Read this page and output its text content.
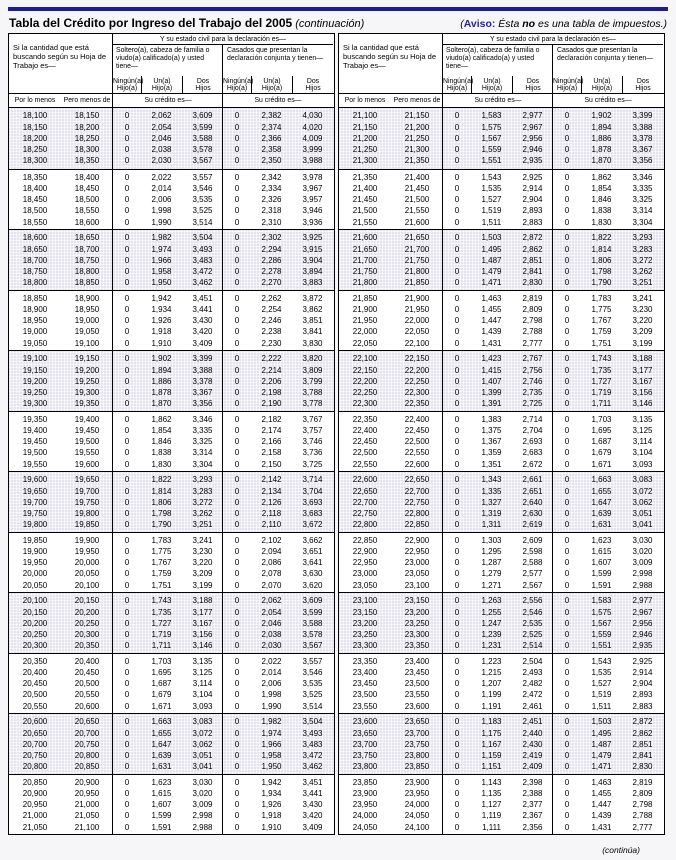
Tabla del Crédito por Ingreso del Trabajo del 2005 (continuación)	(Aviso: Ésta no es una tabla de impuestos.)
Si la cantidad que está buscando según su Hoja de Trabajo es—
Y su estado civil para la declaración es—
Soltero(a), cabeza de familia o viudo(a) calificado(a) y usted tiene—
Casados que presentan la declaración conjunta y tienen—
Ningún(a)
Hijo(a)
Un(a)
Hijo(a)
Dos
Hijos
Ningún(a)
Hijo(a)
Un(a)
Hijo(a)
Dos
Hijos
Por lo menos	Pero menos de	Su crédito es—	Su crédito es—
18,100	18,150	0	2,062	3,609	0	2,382	4,030
18,150	18,200	0	2,054	3,599	0	2,374	4,020
18,200	18,250	0	2,046	3,588	0	2,366	4,009
18,250	18,300	0	2,038	3,578	0	2,358	3,999
18,300	18,350	0	2,030	3,567	0	2,350	3,988
18,350	18,400	0	2,022	3,557	0	2,342	3,978
18,400	18,450	0	2,014	3,546	0	2,334	3,967
18,450	18,500	0	2,006	3,535	0	2,326	3,957
18,500	18,550	0	1,998	3,525	0	2,318	3,946
18,550	18,600	0	1,990	3,514	0	2,310	3,936
18,600	18,650	0	1,982	3,504	0	2,302	3,925
18,650	18,700	0	1,974	3,493	0	2,294	3,915
18,700	18,750	0	1,966	3,483	0	2,286	3,904
18,750	18,800	0	1,958	3,472	0	2,278	3,894
18,800	18,850	0	1,950	3,462	0	2,270	3,883
18,850	18,900	0	1,942	3,451	0	2,262	3,872
18,900	18,950	0	1,934	3,441	0	2,254	3,862
18,950	19,000	0	1,926	3,430	0	2,246	3,851
19,000	19,050	0	1,918	3,420	0	2,238	3,841
19,050	19,100	0	1,910	3,409	0	2,230	3,830
19,100	19,150	0	1,902	3,399	0	2,222	3,820
19,150	19,200	0	1,894	3,388	0	2,214	3,809
19,200	19,250	0	1,886	3,378	0	2,206	3,799
19,250	19,300	0	1,878	3,367	0	2,198	3,788
19,300	19,350	0	1,870	3,356	0	2,190	3,778
19,350	19,400	0	1,862	3,346	0	2,182	3,767
19,400	19,450	0	1,854	3,335	0	2,174	3,757
19,450	19,500	0	1,846	3,325	0	2,166	3,746
19,500	19,550	0	1,838	3,314	0	2,158	3,736
19,550	19,600	0	1,830	3,304	0	2,150	3,725
19,600	19,650	0	1,822	3,293	0	2,142	3,714
19,650	19,700	0	1,814	3,283	0	2,134	3,704
19,700	19,750	0	1,806	3,272	0	2,126	3,693
19,750	19,800	0	1,798	3,262	0	2,118	3,683
19,800	19,850	0	1,790	3,251	0	2,110	3,672
19,850	19,900	0	1,783	3,241	0	2,102	3,662
19,900	19,950	0	1,775	3,230	0	2,094	3,651
19,950	20,000	0	1,767	3,220	0	2,086	3,641
20,000	20,050	0	1,759	3,209	0	2,078	3,630
20,050	20,100	0	1,751	3,199	0	2,070	3,620
20,100	20,150	0	1,743	3,188	0	2,062	3,609
20,150	20,200	0	1,735	3,177	0	2,054	3,599
20,200	20,250	0	1,727	3,167	0	2,046	3,588
20,250	20,300	0	1,719	3,156	0	2,038	3,578
20,300	20,350	0	1,711	3,146	0	2,030	3,567
20,350	20,400	0	1,703	3,135	0	2,022	3,557
20,400	20,450	0	1,695	3,125	0	2,014	3,546
20,450	20,500	0	1,687	3,114	0	2,006	3,535
20,500	20,550	0	1,679	3,104	0	1,998	3,525
20,550	20,600	0	1,671	3,093	0	1,990	3,514
20,600	20,650	0	1,663	3,083	0	1,982	3,504
20,650	20,700	0	1,655	3,072	0	1,974	3,493
20,700	20,750	0	1,647	3,062	0	1,966	3,483
20,750	20,800	0	1,639	3,051	0	1,958	3,472
20,800	20,850	0	1,631	3,041	0	1,950	3,462
20,850	20,900	0	1,623	3,030	0	1,942	3,451
20,900	20,950	0	1,615	3,020	0	1,934	3,441
20,950	21,000	0	1,607	3,009	0	1,926	3,430
21,000	21,050	0	1,599	2,998	0	1,918	3,420
21,050	21,100	0	1,591	2,988	0	1,910	3,409
Si la cantidad que está buscando según su Hoja de Trabajo es—
Y su estado civil para la declaración es—
Soltero(a), cabeza de familia o viudo(a) calificado(a) y usted tiene—
Casados que presentan la declaración conjunta y tienen—
Ningún(a)
Hijo(a)
Un(a)
Hijo(a)
Dos
Hijos
Ningún(a)
Hijo(a)
Un(a)
Hijo(a)
Dos
Hijos
Por lo menos	Pero menos de	Su crédito es—	Su crédito es—
21,100	21,150	0	1,583	2,977	0	1,902	3,399
21,150	21,200	0	1,575	2,967	0	1,894	3,388
21,200	21,250	0	1,567	2,956	0	1,886	3,378
21,250	21,300	0	1,559	2,946	0	1,878	3,367
21,300	21,350	0	1,551	2,935	0	1,870	3,356
21,350	21,400	0	1,543	2,925	0	1,862	3,346
21,400	21,450	0	1,535	2,914	0	1,854	3,335
21,450	21,500	0	1,527	2,904	0	1,846	3,325
21,500	21,550	0	1,519	2,893	0	1,838	3,314
21,550	21,600	0	1,511	2,883	0	1,830	3,304
21,600	21,650	0	1,503	2,872	0	1,822	3,293
21,650	21,700	0	1,495	2,862	0	1,814	3,283
21,700	21,750	0	1,487	2,851	0	1,806	3,272
21,750	21,800	0	1,479	2,841	0	1,798	3,262
21,800	21,850	0	1,471	2,830	0	1,790	3,251
21,850	21,900	0	1,463	2,819	0	1,783	3,241
21,900	21,950	0	1,455	2,809	0	1,775	3,230
21,950	22,000	0	1,447	2,798	0	1,767	3,220
22,000	22,050	0	1,439	2,788	0	1,759	3,209
22,050	22,100	0	1,431	2,777	0	1,751	3,199
22,100	22,150	0	1,423	2,767	0	1,743	3,188
22,150	22,200	0	1,415	2,756	0	1,735	3,177
22,200	22,250	0	1,407	2,746	0	1,727	3,167
22,250	22,300	0	1,399	2,735	0	1,719	3,156
22,300	22,350	0	1,391	2,725	0	1,711	3,146
22,350	22,400	0	1,383	2,714	0	1,703	3,135
22,400	22,450	0	1,375	2,704	0	1,695	3,125
22,450	22,500	0	1,367	2,693	0	1,687	3,114
22,500	22,550	0	1,359	2,683	0	1,679	3,104
22,550	22,600	0	1,351	2,672	0	1,671	3,093
22,600	22,650	0	1,343	2,661	0	1,663	3,083
22,650	22,700	0	1,335	2,651	0	1,655	3,072
22,700	22,750	0	1,327	2,640	0	1,647	3,062
22,750	22,800	0	1,319	2,630	0	1,639	3,051
22,800	22,850	0	1,311	2,619	0	1,631	3,041
22,850	22,900	0	1,303	2,609	0	1,623	3,030
22,900	22,950	0	1,295	2,598	0	1,615	3,020
22,950	23,000	0	1,287	2,588	0	1,607	3,009
23,000	23,050	0	1,279	2,577	0	1,599	2,998
23,050	23,100	0	1,271	2,567	0	1,591	2,988
23,100	23,150	0	1,263	2,556	0	1,583	2,977
23,150	23,200	0	1,255	2,546	0	1,575	2,967
23,200	23,250	0	1,247	2,535	0	1,567	2,956
23,250	23,300	0	1,239	2,525	0	1,559	2,946
23,300	23,350	0	1,231	2,514	0	1,551	2,935
23,350	23,400	0	1,223	2,504	0	1,543	2,925
23,400	23,450	0	1,215	2,493	0	1,535	2,914
23,450	23,500	0	1,207	2,482	0	1,527	2,904
23,500	23,550	0	1,199	2,472	0	1,519	2,893
23,550	23,600	0	1,191	2,461	0	1,511	2,883
23,600	23,650	0	1,183	2,451	0	1,503	2,872
23,650	23,700	0	1,175	2,440	0	1,495	2,862
23,700	23,750	0	1,167	2,430	0	1,487	2,851
23,750	23,800	0	1,159	2,419	0	1,479	2,841
23,800	23,850	0	1,151	2,409	0	1,471	2,830
23,850	23,900	0	1,143	2,398	0	1,463	2,819
23,900	23,950	0	1,135	2,388	0	1,455	2,809
23,950	24,000	0	1,127	2,377	0	1,447	2,798
24,000	24,050	0	1,119	2,367	0	1,439	2,788
24,050	24,100	0	1,111	2,356	0	1,431	2,777
(continúa)
